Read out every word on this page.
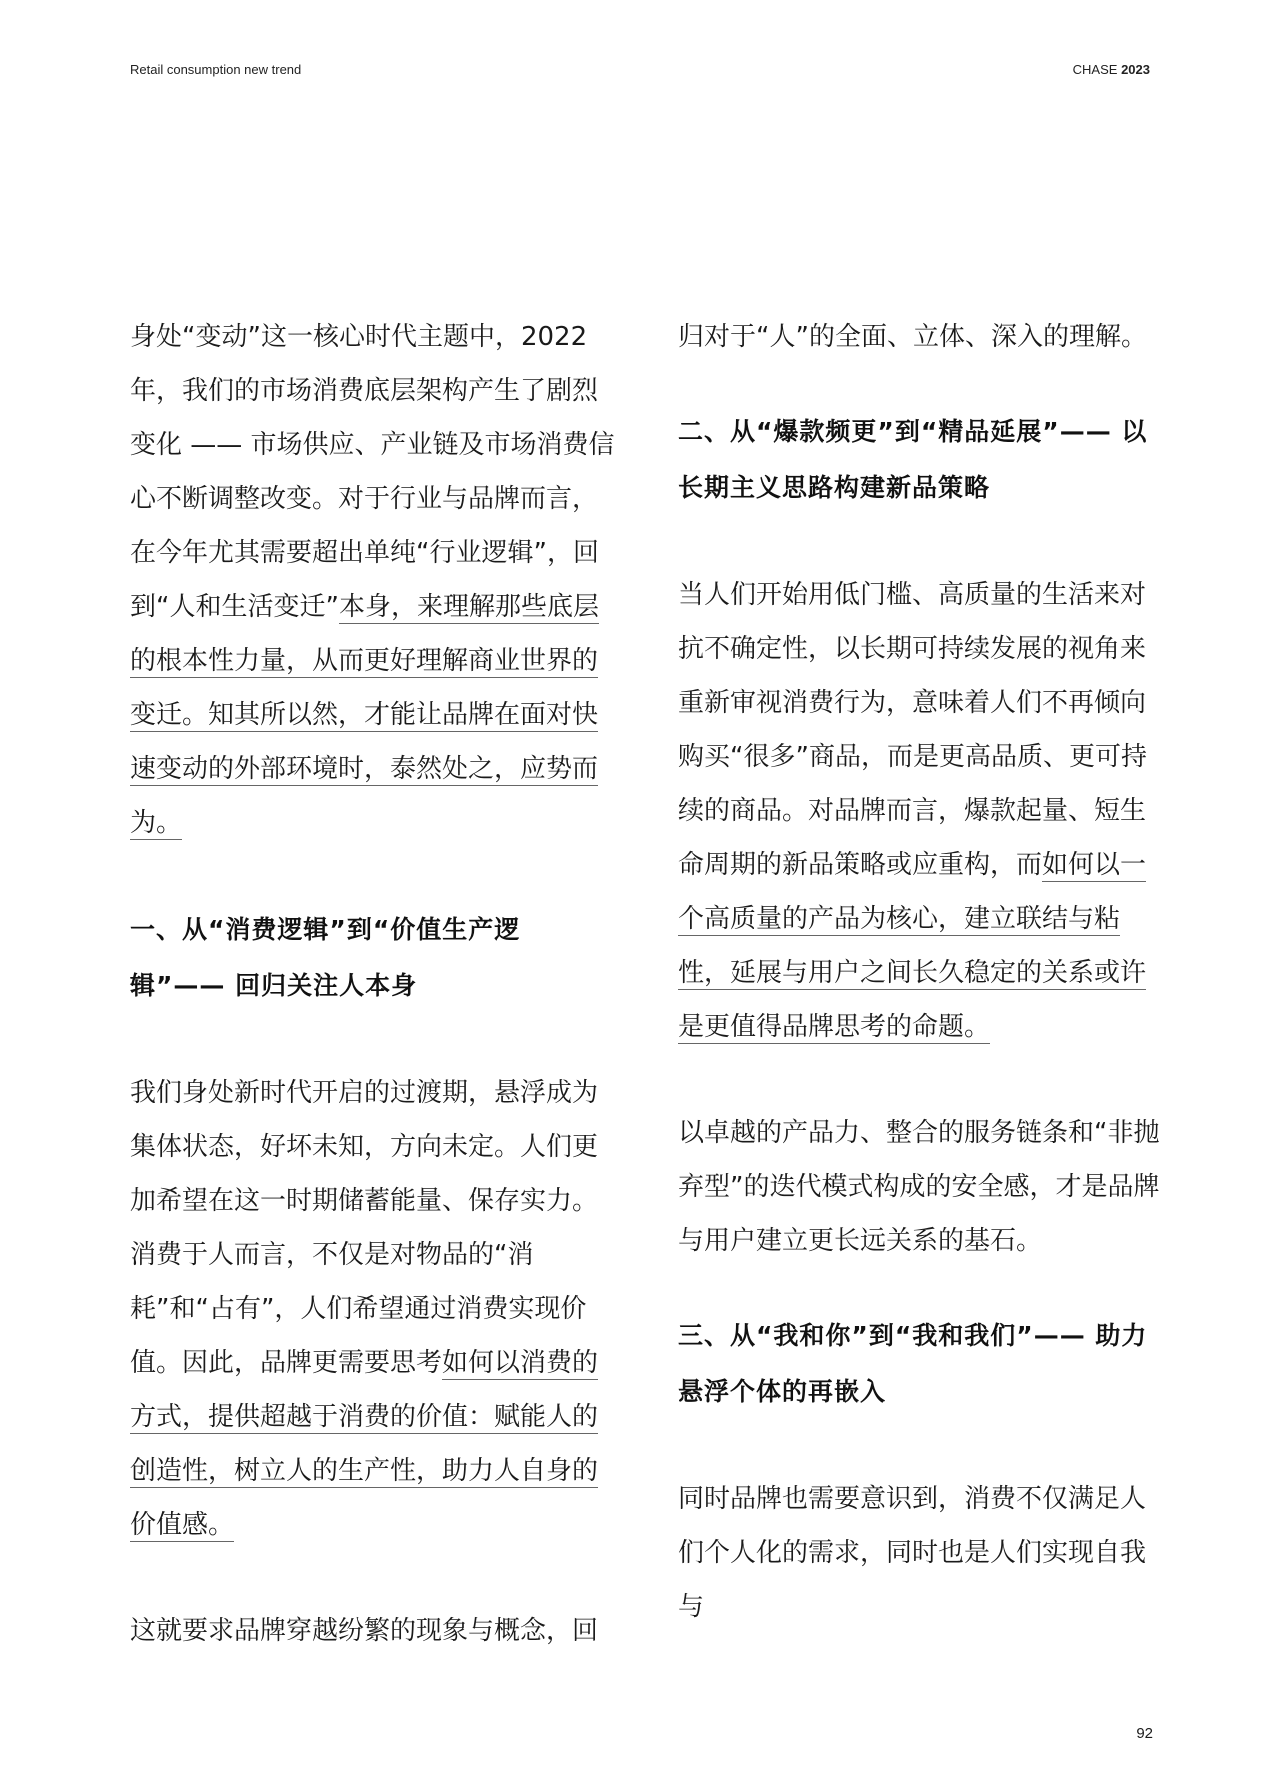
Retail consumption new trend	CHASE 2023

身处“变动”这一核心时代主题中，2022年，我们的市场消费底层架构产生了剧烈变化 —— 市场供应、产业链及市场消费信心不断调整改变。对于行业与品牌而言，在今年尤其需要超出单纯“行业逻辑”，回到“人和生活变迁”本身，来理解那些底层的根本性力量，从而更好理解商业世界的变迁。知其所以然，才能让品牌在面对快速变动的外部环境时，泰然处之，应势而为。

一、从“消费逻辑”到“价值生产逻辑”—— 回归关注人本身

我们身处新时代开启的过渡期，悬浮成为集体状态，好坏未知，方向未定。人们更加希望在这一时期储蓄能量、保存实力。消费于人而言，不仅是对物品的“消耗”和“占有”，人们希望通过消费实现价值。因此，品牌更需要思考如何以消费的方式，提供超越于消费的价值：赋能人的创造性，树立人的生产性，助力人自身的价值感。

这就要求品牌穿越纷繁的现象与概念，回

归对于“人”的全面、立体、深入的理解。

二、从“爆款频更”到“精品延展”—— 以长期主义思路构建新品策略

当人们开始用低门槛、高质量的生活来对抗不确定性，以长期可持续发展的视角来重新审视消费行为，意味着人们不再倾向购买“很多”商品，而是更高品质、更可持续的商品。对品牌而言，爆款起量、短生命周期的新品策略或应重构，而如何以一个高质量的产品为核心，建立联结与粘性，延展与用户之间长久稳定的关系或许是更值得品牌思考的命题。

以卓越的产品力、整合的服务链条和“非抛弃型”的迭代模式构成的安全感，才是品牌与用户建立更长远关系的基石。

三、从“我和你”到“我和我们”—— 助力悬浮个体的再嵌入

同时品牌也需要意识到，消费不仅满足人们个人化的需求，同时也是人们实现自我与

92
